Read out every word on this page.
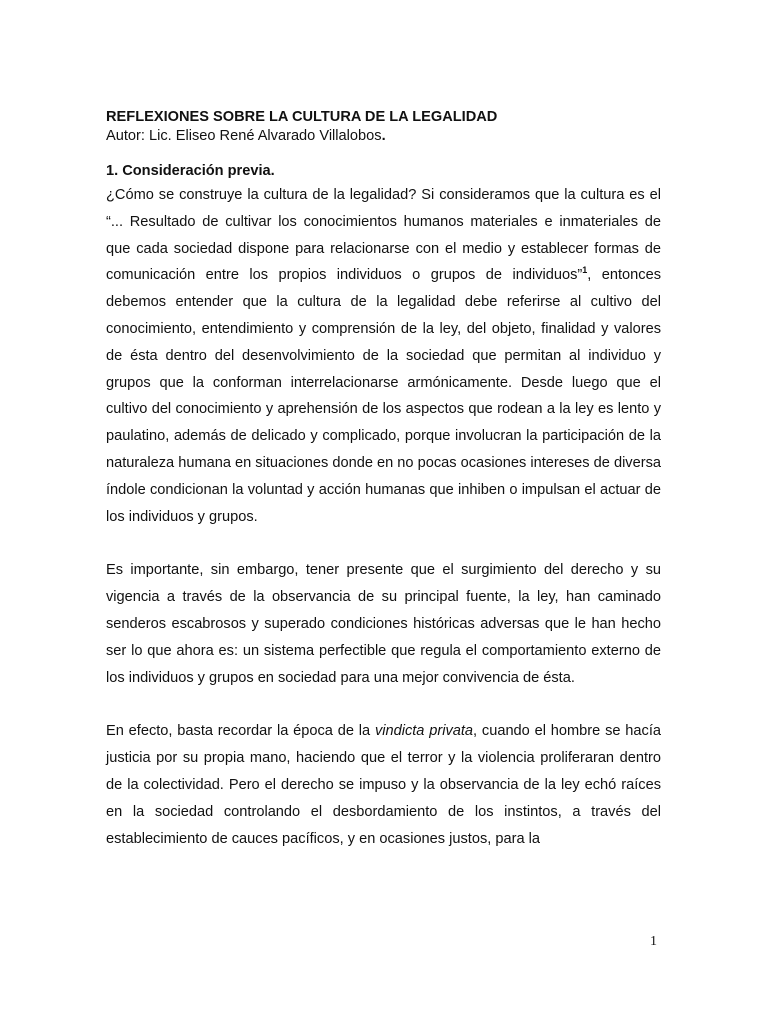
REFLEXIONES SOBRE LA CULTURA DE LA LEGALIDAD

Autor: Lic. Eliseo René Alvarado Villalobos.

1. Consideración previa.

¿Cómo se construye la cultura de la legalidad? Si consideramos que la cultura es el “... Resultado de cultivar los conocimientos humanos materiales e inmateriales de que cada sociedad dispone para relacionarse con el medio y establecer formas de comunicación entre los propios individuos o grupos de individuos”$^1$, entonces debemos entender que la cultura de la legalidad debe referirse al cultivo del conocimiento, entendimiento y comprensión de la ley, del objeto, finalidad y valores de ésta dentro del desenvolvimiento de la sociedad que permitan al individuo y grupos que la conforman interrelacionarse armónicamente. Desde luego que el cultivo del conocimiento y aprehensión de los aspectos que rodean a la ley es lento y paulatino, además de delicado y complicado, porque involucran la participación de la naturaleza humana en situaciones donde en no pocas ocasiones intereses de diversa índole condicionan la voluntad y acción humanas que inhiben o impulsan el actuar de los individuos y grupos.

Es importante, sin embargo, tener presente que el surgimiento del derecho y su vigencia a través de la observancia de su principal fuente, la ley, han caminado senderos escabrosos y superado condiciones históricas adversas que le han hecho ser lo que ahora es: un sistema perfectible que regula el comportamiento externo de los individuos y grupos en sociedad para una mejor convivencia de ésta.

En efecto, basta recordar la época de la vindicta privata, cuando el hombre se hacía justicia por su propia mano, haciendo que el terror y la violencia proliferaran dentro de la colectividad. Pero el derecho se impuso y la observancia de la ley echó raíces en la sociedad controlando el desbordamiento de los instintos, a través del establecimiento de cauces pacíficos, y en ocasiones justos, para la

1
